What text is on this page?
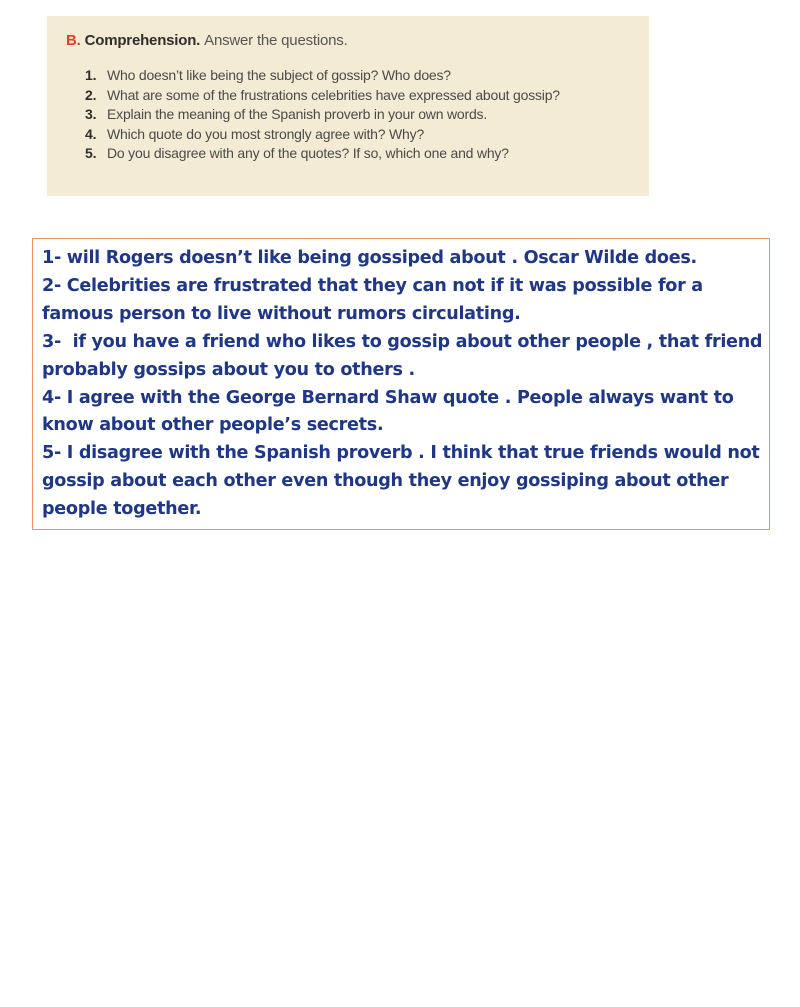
B. Comprehension. Answer the questions.
1. Who doesn’t like being the subject of gossip? Who does?
2. What are some of the frustrations celebrities have expressed about gossip?
3. Explain the meaning of the Spanish proverb in your own words.
4. Which quote do you most strongly agree with? Why?
5. Do you disagree with any of the quotes? If so, which one and why?

1- will Rogers doesn’t like being gossiped about . Oscar Wilde does.

2- Celebrities are frustrated that they can not if it was possible for a

famous person to live without rumors circulating.

3-  if you have a friend who likes to gossip about other people , that friend

probably gossips about you to others .

4- I agree with the George Bernard Shaw quote . People always want to

know about other people’s secrets.

5- I disagree with the Spanish proverb . I think that true friends would not

gossip about each other even though they enjoy gossiping about other

people together.
